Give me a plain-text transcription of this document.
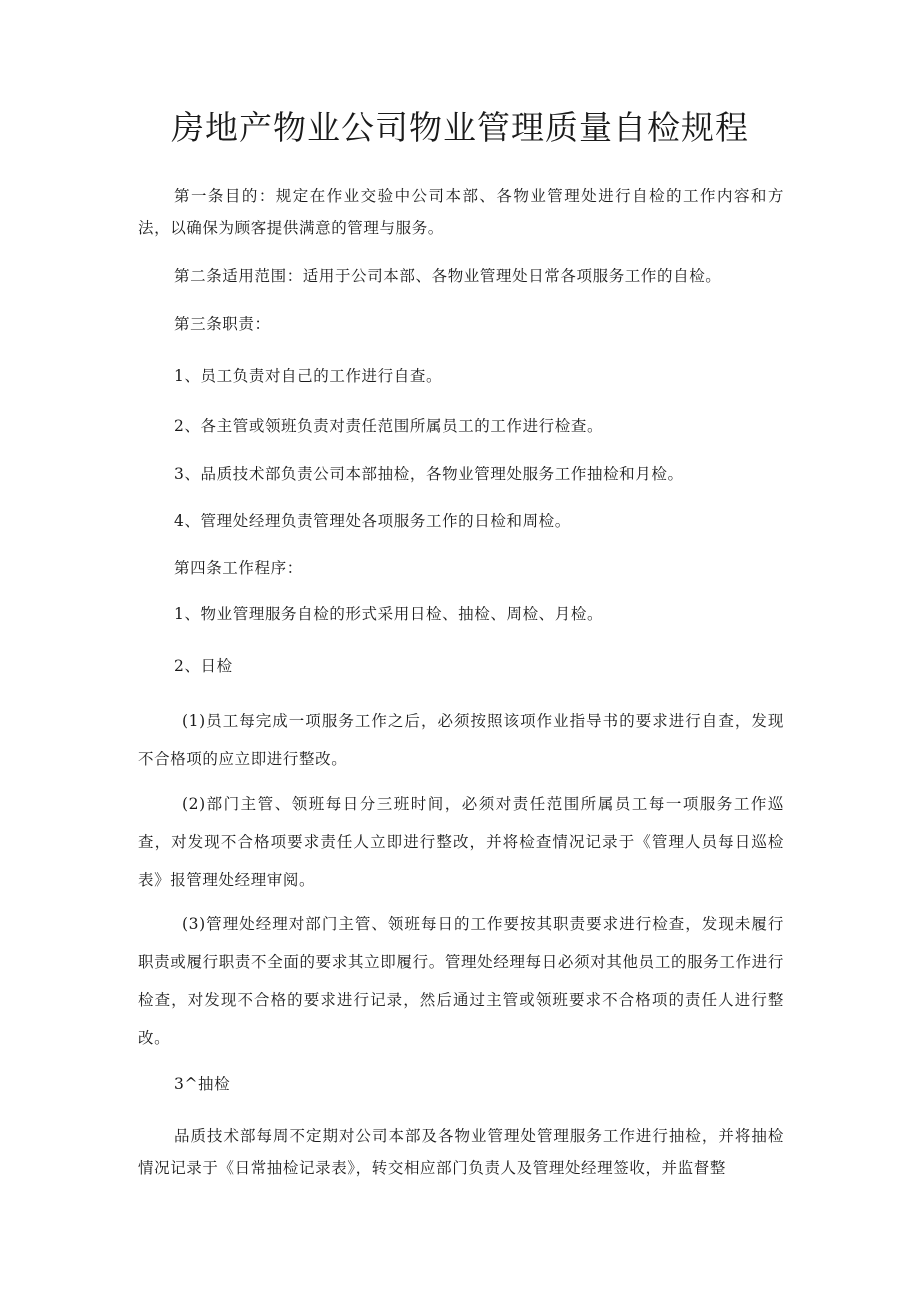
房地产物业公司物业管理质量自检规程

第一条目的：规定在作业交验中公司本部、各物业管理处进行自检的工作内容和方法，以确保为顾客提供满意的管理与服务。

第二条适用范围：适用于公司本部、各物业管理处日常各项服务工作的自检。

第三条职责：

1、员工负责对自己的工作进行自查。

2、各主管或领班负责对责任范围所属员工的工作进行检查。

3、品质技术部负责公司本部抽检，各物业管理处服务工作抽检和月检。

4、管理处经理负责管理处各项服务工作的日检和周检。

第四条工作程序：

1、物业管理服务自检的形式采用日检、抽检、周检、月检。

2、日检

(1)员工每完成一项服务工作之后，必须按照该项作业指导书的要求进行自查，发现不合格项的应立即进行整改。

(2)部门主管、领班每日分三班时间，必须对责任范围所属员工每一项服务工作巡查，对发现不合格项要求责任人立即进行整改，并将检查情况记录于《管理人员每日巡检表》报管理处经理审阅。

(3)管理处经理对部门主管、领班每日的工作要按其职责要求进行检查，发现未履行职责或履行职责不全面的要求其立即履行。管理处经理每日必须对其他员工的服务工作进行检查，对发现不合格的要求进行记录，然后通过主管或领班要求不合格项的责任人进行整改。

3^抽检

品质技术部每周不定期对公司本部及各物业管理处管理服务工作进行抽检，并将抽检情况记录于《日常抽检记录表》，转交相应部门负责人及管理处经理签收，并监督整
